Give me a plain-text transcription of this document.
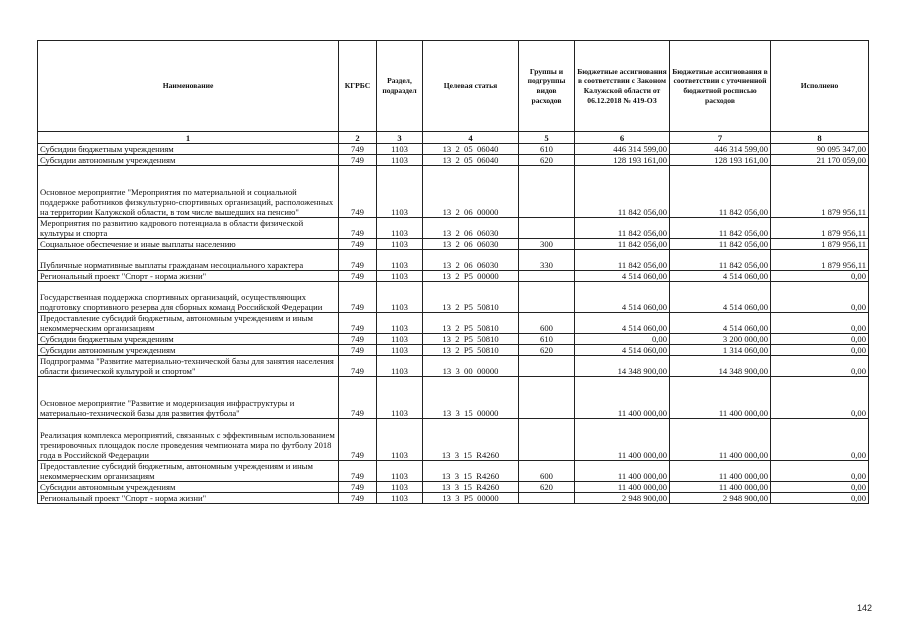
Наименование	КГРБС	Раздел, подраздел	Целевая статья	Группы и подгруппы видов расходов	Бюджетные ассигнования в соответствии с Законом Калужской области от 06.12.2018 № 419-ОЗ	Бюджетные ассигнования в соответствии с уточненной бюджетной росписью расходов	Исполнено
1	2	3	4	5	6	7	8
Субсидии бюджетным учреждениям	749	1103	13  2  05  06040	610	446 314 599,00	446 314 599,00	90 095 347,00
Субсидии автономным учреждениям	749	1103	13  2  05  06040	620	128 193 161,00	128 193 161,00	21 170 059,00
Основное мероприятие "Мероприятия по материальной и социальной поддержке работников физкультурно-спортивных организаций, расположенных на территории Калужской области, в том числе вышедших на пенсию"	749	1103	13  2  06  00000		11 842 056,00	11 842 056,00	1 879 956,11
Мероприятия по развитию кадрового потенциала в области физической культуры и спорта	749	1103	13  2  06  06030		11 842 056,00	11 842 056,00	1 879 956,11
Социальное обеспечение и иные выплаты населению	749	1103	13  2  06  06030	300	11 842 056,00	11 842 056,00	1 879 956,11
Публичные нормативные выплаты гражданам несоциального характера	749	1103	13  2  06  06030	330	11 842 056,00	11 842 056,00	1 879 956,11
Региональный проект "Спорт - норма жизни"	749	1103	13  2  P5  00000		4 514 060,00	4 514 060,00	0,00
Государственная поддержка спортивных организаций, осуществляющих подготовку спортивного резерва для сборных команд Российской Федерации	749	1103	13  2  P5  50810		4 514 060,00	4 514 060,00	0,00
Предоставление субсидий бюджетным, автономным учреждениям и иным некоммерческим организациям	749	1103	13  2  P5  50810	600	4 514 060,00	4 514 060,00	0,00
Субсидии бюджетным учреждениям	749	1103	13  2  P5  50810	610	0,00	3 200 000,00	0,00
Субсидии автономным учреждениям	749	1103	13  2  P5  50810	620	4 514 060,00	1 314 060,00	0,00
Подпрограмма "Развитие материально-технической базы для занятия населения области физической культурой и спортом"	749	1103	13  3  00  00000		14 348 900,00	14 348 900,00	0,00
Основное мероприятие "Развитие и модернизация инфраструктуры и материально-технической базы для развития футбола"	749	1103	13  3  15  00000		11 400 000,00	11 400 000,00	0,00
Реализация комплекса мероприятий, связанных с эффективным использованием тренировочных площадок после проведения чемпионата мира по футболу 2018 года в Российской Федерации	749	1103	13  3  15  R4260		11 400 000,00	11 400 000,00	0,00
Предоставление субсидий бюджетным, автономным учреждениям и иным некоммерческим организациям	749	1103	13  3  15  R4260	600	11 400 000,00	11 400 000,00	0,00
Субсидии автономным учреждениям	749	1103	13  3  15  R4260	620	11 400 000,00	11 400 000,00	0,00
Региональный проект "Спорт - норма жизни"	749	1103	13  3  P5  00000		2 948 900,00	2 948 900,00	0,00
142
